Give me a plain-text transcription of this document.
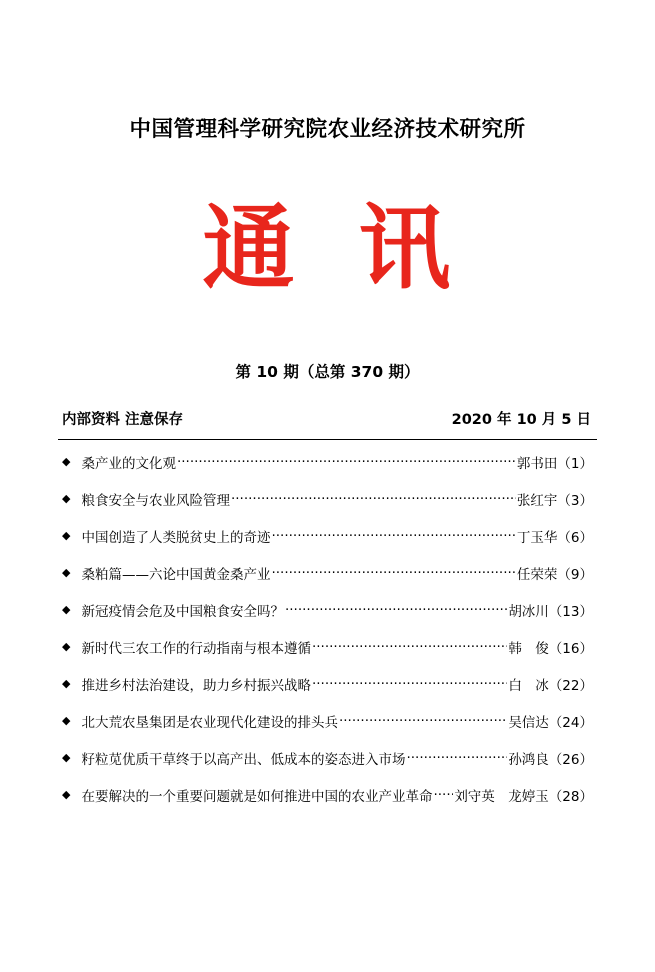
中国管理科学研究院农业经济技术研究所
通 讯
第 10 期（总第 370 期）
内部资料 注意保存	2020 年 10 月 5 日
◆ 桑产业的文化观 ·····	郭书田（1）
◆ 粮食安全与农业风险管理 ·····	张红宇（3）
◆ 中国创造了人类脱贫史上的奇迹 ·····	丁玉华（6）
◆ 桑粕篇——六论中国黄金桑产业 ·····	任荣荣（9）
◆ 新冠疫情会危及中国粮食安全吗？ ·····	胡冰川（13）
◆ 新时代三农工作的行动指南与根本遵循 ·····	韩　俊（16）
◆ 推进乡村法治建设，助力乡村振兴战略 ·····	白　冰（22）
◆ 北大荒农垦集团是农业现代化建设的排头兵 ·····	吴信达（24）
◆ 籽粒苋优质干草终于以高产出、低成本的姿态进入市场 ·····	孙鸿良（26）
◆ 在要解决的一个重要问题就是如何推进中国的农业产业革命 ····· 刘守英　龙婷玉（28）
